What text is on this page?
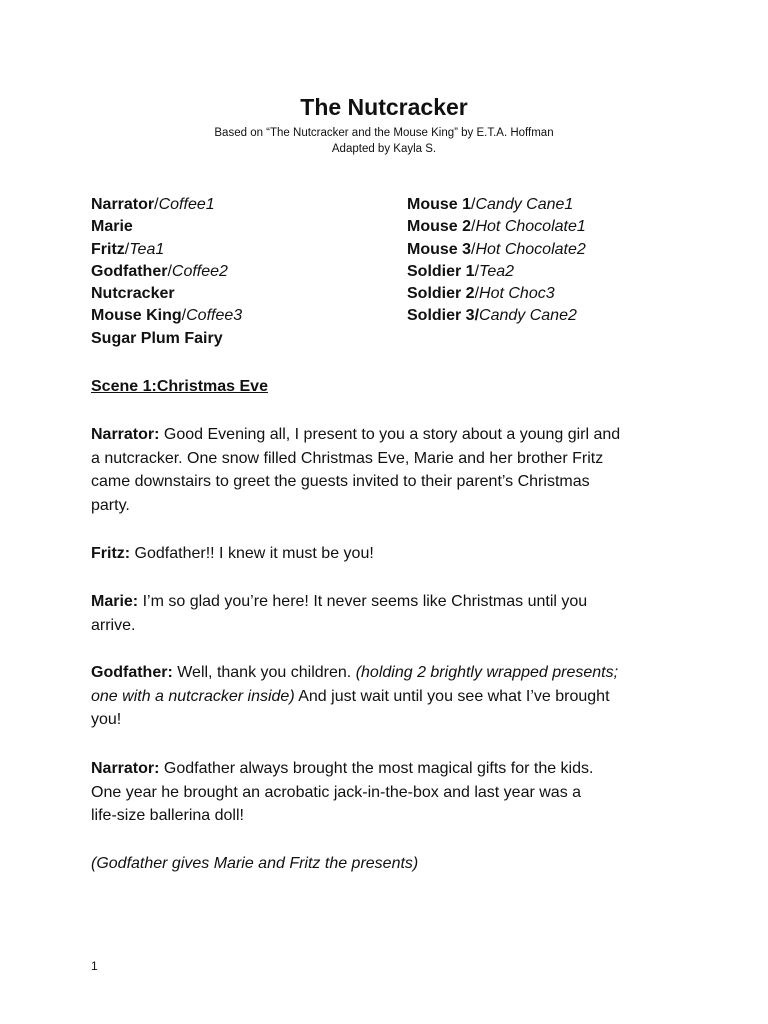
The Nutcracker
Based on “The Nutcracker and the Mouse King” by E.T.A. Hoffman
Adapted by Kayla S.
Narrator/Coffee1
Marie
Fritz/Tea1
Godfather/Coffee2
Nutcracker
Mouse King/Coffee3
Sugar Plum Fairy
Mouse 1/Candy Cane1
Mouse 2/Hot Chocolate1
Mouse 3/Hot Chocolate2
Soldier 1/Tea2
Soldier 2/Hot Choc3
Soldier 3/Candy Cane2
Scene 1:Christmas Eve
Narrator: Good Evening all, I present to you a story about a young girl and
a nutcracker. One snow filled Christmas Eve, Marie and her brother Fritz
came downstairs to greet the guests invited to their parent’s Christmas
party.
Fritz: Godfather!! I knew it must be you!
Marie: I’m so glad you’re here! It never seems like Christmas until you
arrive.
Godfather: Well, thank you children. (holding 2 brightly wrapped presents;
one with a nutcracker inside) And just wait until you see what I’ve brought
you!
Narrator: Godfather always brought the most magical gifts for the kids.
One year he brought an acrobatic jack-in-the-box and last year was a
life-size ballerina doll!
(Godfather gives Marie and Fritz the presents)
1
